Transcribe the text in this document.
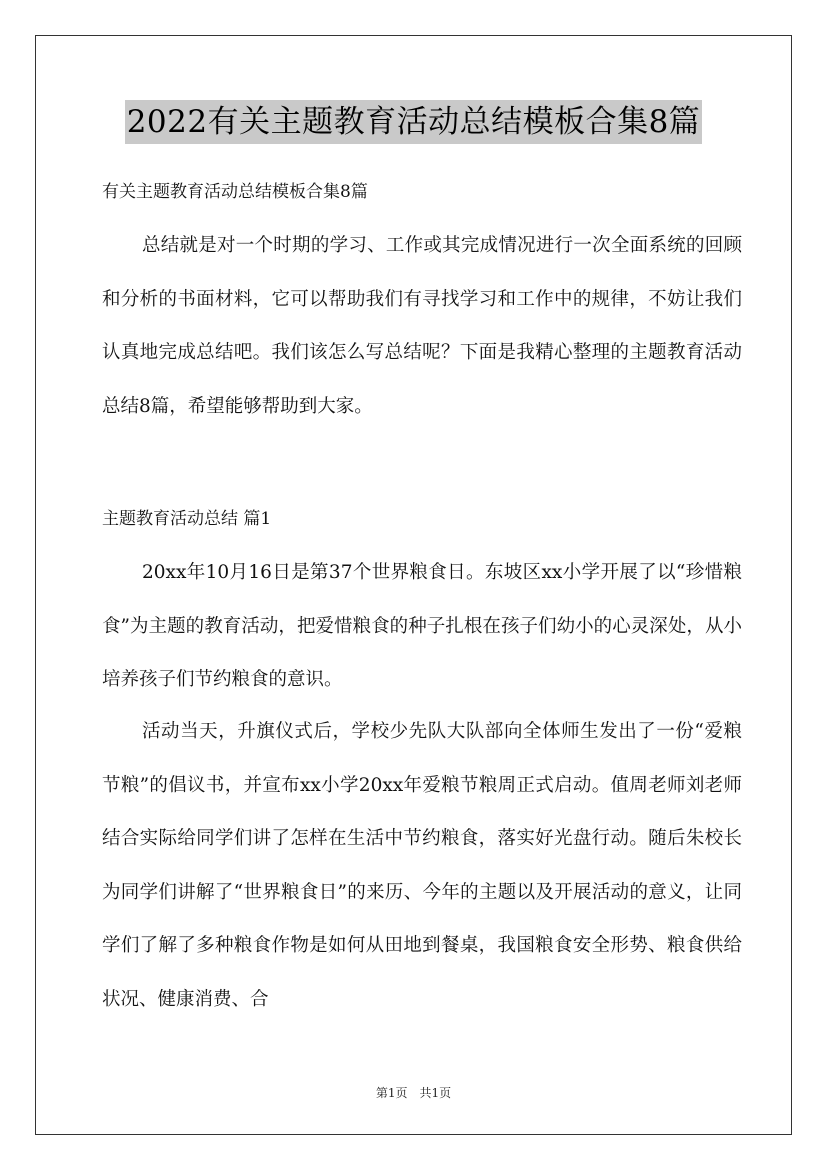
2022有关主题教育活动总结模板合集8篇
有关主题教育活动总结模板合集8篇

总结就是对一个时期的学习、工作或其完成情况进行一次全面系统的回顾和分析的书面材料，它可以帮助我们有寻找学习和工作中的规律，不妨让我们认真地完成总结吧。我们该怎么写总结呢？下面是我精心整理的主题教育活动总结8篇，希望能够帮助到大家。

主题教育活动总结 篇1

20xx年10月16日是第37个世界粮食日。东坡区xx小学开展了以“珍惜粮食”为主题的教育活动，把爱惜粮食的种子扎根在孩子们幼小的心灵深处，从小培养孩子们节约粮食的意识。

活动当天，升旗仪式后，学校少先队大队部向全体师生发出了一份“爱粮节粮”的倡议书，并宣布xx小学20xx年爱粮节粮周正式启动。值周老师刘老师结合实际给同学们讲了怎样在生活中节约粮食，落实好光盘行动。随后朱校长为同学们讲解了“世界粮食日”的来历、今年的主题以及开展活动的意义，让同学们了解了多种粮食作物是如何从田地到餐桌，我国粮食安全形势、粮食供给状况、健康消费、合

第1页 共1页
